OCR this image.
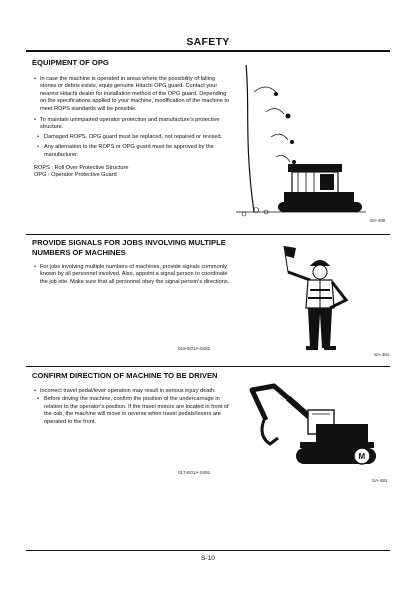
SAFETY
EQUIPMENT OF OPG

• In case the machine is operated in areas where the possibility of falling stones or debris exists, equip genuine Hitachi OPG guard. Contact your nearest Hitachi dealer for installation method of the OPG guard. Depending on the specifications applied to your machine, modification of the machine to meet ROPS standards will be possible.

• To maintain unimpaired operator protection and manufacture's protective structure.

• Damaged ROPS, OPG guard must be replaced, not repaired or revised.

• Any alternation to the ROPS or OPG guard must be approved by the manufacturer.

ROPS : Roll Over Protective Structure

OPG : Operator Protective Guard

SA-490
PROVIDE SIGNALS FOR JOBS INVOLVING MULTIPLE NUMBERS OF MACHINES

• For jobs involving multiple numbers of machines, provide signals commonly known by all personnel involved. Also, appoint a signal person to coordinate the job site. Make sure that all personnel obey the signal person's directions.

018-E01A-0481
SA-481
CONFIRM DIRECTION OF MACHINE TO BE DRIVEN

• Incorrect travel pedal/lever operation may result in serious injury death.

• Before driving the machine, confirm the position of the undercarriage in relation to the operator's position. If the travel motors are located in front of the cab, the machine will move in reverse when travel pedals/levers are operated to the front.

017-E01A-0491
M
SA-491
S-10
